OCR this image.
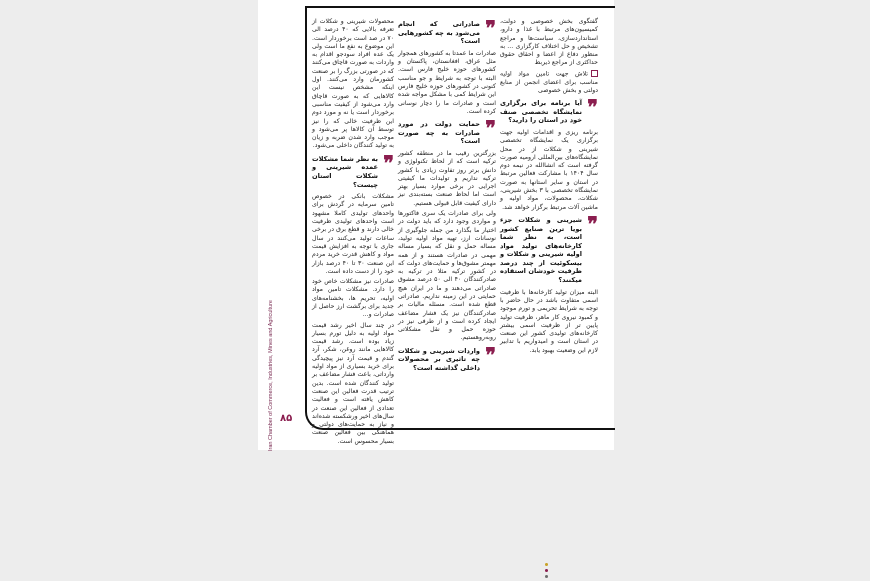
Iran Chamber of Commerce, Industries, Mines and Agriculture ۸۵

گفتگوی بخش خصوصی و دولت، کمیسیون‌های مرتبط با غذا و دارو، استانداردسازی، سیاست‌ها و مراجع تشخیص و حل اختلاف کارگزاری ... به منظور دفاع از اعضا و احقاق حقوق حداکثری از مراجع ذیربط

تلاش جهت تامین مواد اولیه مناسب برای اعضای انجمن از منابع دولتی و بخش خصوصی

❞
آیا برنامه برای برگزاری نمایشگاه تخصصی صنف خود در استان را دارید؟

برنامه ریزی و اقدامات اولیه جهت برگزاری یک نمایشگاه تخصصی شیرینی و شکلات از در محل نمایشگاه‌های بین‌المللی ارومیه صورت گرفته است که انشاالله در نیمه دوم سال ۱۴۰۴ با مشارکت فعالین مرتبط در استان و سایر استانها به صورت نمایشگاه تخصصی با ۳ بخش شیرینی، شکلات، محصولات، مواد اولیه و ماشین آلات مرتبط برگزار خواهد شد.

❞
شیرینی و شکلات جزء بویا ترین صنایع کشور است، به نظر شما کارخانه‌های تولید مواد اولیه شیرینی و شکلات و بیسکوئیت از چند درصد ظرفیت خودشان استفاده میکنند؟

البته میزان تولید کارخانه‌ها با ظرفیت اسمی متفاوت باشد در حال حاضر با توجه به شرایط تحریمی و تورم موجود و کمبود نیروی کار ماهر، ظرفیت تولید پایین تر از ظرفیت اسمی بیشتر کارخانه‌های تولیدی کشور این صنعت در استان است و امیدواریم با تدابیر لازم این وضعیت بهبود یابد.

❞
صادراتی که انجام می‌شود به چه کشورهایی است؟

صادرات ما عمدتا به کشورهای همجوار مثل عراق، افغانستان، پاکستان و کشورهای حوزه خلیج فارس است. البته با توجه به شرایط و جو مناسب کنونی در کشورهای حوزه خلیج فارس این شرایط کمی با مشکل مواجه شده است و صادرات ما را دچار نوسانی کرده است.

❞
حمایت دولت در مورد صادرات به چه صورت است؟

بزرگترین رقیب ما در منطقه کشور ترکیه است که از لحاظ تکنولوژی و دانش برتر روز تفاوت زیادی با کشور ترکیه نداریم و تولیدات ما کیفیتی اجرایی در برخی موارد بسیار بهتر است اما لحاظ صنعت بسته‌بندی نیز دارای کیفیت قابل قبولی هستیم.

ولی برای صادرات یک سری فاکتورها و مواردی وجود دارد که باید دولت در اختیار ما بگذارد من جمله جلوگیری از نوسانات ارز، تهیه مواد اولیه تولید، مساله حمل و نقل که بسیار مساله مهمی در صادرات هستند و از همه مهمتر مشوق‌ها و حمایت‌های دولت که در کشور ترکیه مثلا در ترکیه به صادرکنندگان ۴۰ الی ۵۰ درصد مشوق صادراتی می‌دهند و ما در ایران هیچ حمایتی در این زمینه نداریم. صادراتی قطع شده است. مسئله مالیات بر صادرکنندگان نیز یک فشار مضاعف ایجاد کرده است و از طرفی نیز در حوزه حمل و نقل مشکلاتی روبه‌روهستیم.

❞
واردات شیرینی و شکلات چه تاثیری بر محصولات داخلی گذاشته است؟

محصولات شیرینی و شکلات از تعرفه بالایی که ۴۰ درصد الی ۷۰ در صد است برخوردار است. این موضوع به نفع ما است ولی یک عده افراد سودجو اقدام به واردات به صورت قاچاق می‌کنند که در صورتی بزرگ را بر صنعت کشورمان وارد می‌کنند. اول اینکه مشخص نیست این کالاهایی که به صورت قاچاق وارد می‌شود از کیفیت مناسبی برخوردار است یا نه و مورد دوم این ظرفیت خالی که را نیز توسط آن کالاها پر می‌شود و موجب وارد شدن ضربه و زیان به تولید کنندگان داخلی می‌شود.

❞
به نظر شما مشکلات عمده شیرینی و شکلات استان چیست؟

مشکلات بانکی در خصوص تامین سرمایه در گردش برای واحدهای تولیدی کاملا مشهود است واحدهای تولیدی ظرفیت خالی دارند و قطع برق در برخی ساعات تولید می‌کنند در سال جاری با توجه به افزایش قیمت مواد و کاهش قدرت خرید مردم این صنعت ۳۰ تا ۴۰ درصد بازار خود را از دست داده است.

صادرات نیز مشکلات خاص خود را دارد. مشکلات تامین مواد اولیه، تحریم ها، بخشنامه‌های جدید برای برگشت ارز حاصل از صادرات و...

در چند سال اخیر رشد قیمت مواد اولیه به دلیل تورم بسیار زیاد بوده است. رشد قیمت کالاهایی مانند روغن، شکر، آرد گندم و قیمت آرد نیز پیچیدگی برای خرید بسیاری از مواد اولیه وارداتی، باعث فشار مضاعف بر تولید کنندگان شده است. بدین ترتیب قدرت فعالین این صنعت کاهش یافته است و فعالیت تعدادی از فعالین این صنعت در سال‌های اخیر ورشکسته شده‌اند و نیاز به حمایت‌های دولتی و هماهنگی بین فعالین صنعت بسیار محسوس است.
